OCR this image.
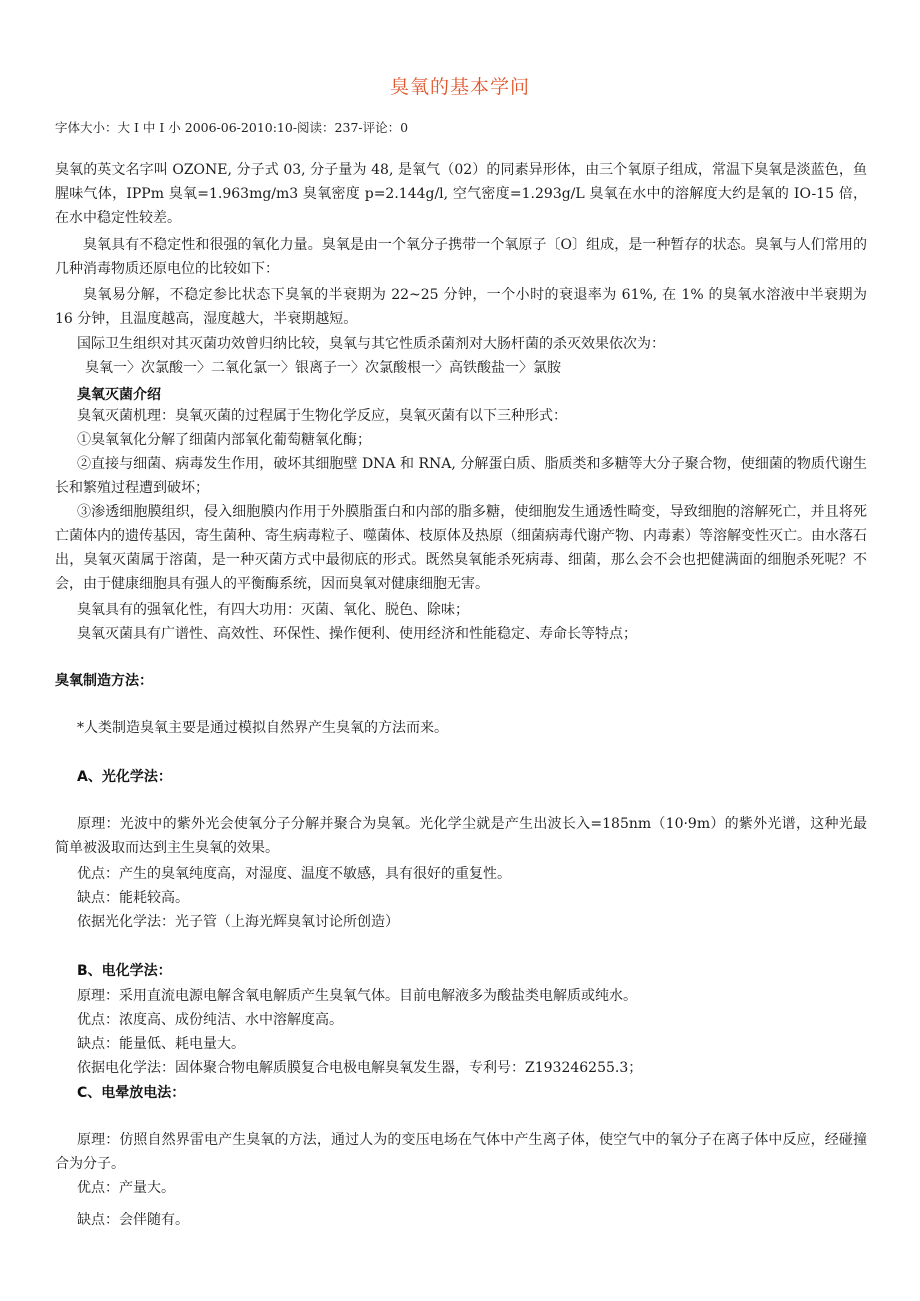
臭氧的基本学问
字体大小：大 I 中 I 小 2006-06-2010:10-阅读：237-评论：0
臭氧的英文名字叫 OZONE, 分子式 03, 分子量为 48, 是氧气（02）的同素异形体，由三个氧原子组成，常温下臭氧是淡蓝色，鱼腥味气体，IPPm 臭氧=1.963mg/m3 臭氧密度 p=2.144g/l, 空气密度=1.293g/L 臭氧在水中的溶解度大约是氧的 IO-15 倍，在水中稳定性较差。
臭氧具有不稳定性和很强的氧化力量。臭氧是由一个氧分子携带一个氧原子〔O〕组成，是一种暂存的状态。臭氧与人们常用的几种消毒物质还原电位的比较如下：
臭氧易分解，不稳定参比状态下臭氧的半衰期为 22~25 分钟，一个小时的衰退率为 61%, 在 1% 的臭氧水溶液中半衰期为 16 分钟，且温度越高，湿度越大，半衰期越短。
国际卫生组织对其灭菌功效曾归纳比较，臭氧与其它性质杀菌剂对大肠杆菌的杀灭效果依次为：
臭氧一〉次氯酸一〉二氧化氯一〉银离子一〉次氯酸根一〉高铁酸盐一〉氯胺
臭氧灭菌介绍
臭氧灭菌机理：臭氧灭菌的过程属于生物化学反应，臭氧灭菌有以下三种形式：
①臭氧氧化分解了细菌内部氧化葡萄糖氧化酶；
②直接与细菌、病毒发生作用，破坏其细胞壁 DNA 和 RNA, 分解蛋白质、脂质类和多糖等大分子聚合物，使细菌的物质代谢生长和繁殖过程遭到破坏；
③渗透细胞膜组织，侵入细胞膜内作用于外膜脂蛋白和内部的脂多糖，使细胞发生通透性畸变，导致细胞的溶解死亡，并且将死亡菌体内的遗传基因，寄生菌种、寄生病毒粒子、噬菌体、枝原体及热原（细菌病毒代谢产物、内毒素）等溶解变性灭亡。由水落石出，臭氧灭菌属于溶菌，是一种灭菌方式中最彻底的形式。既然臭氧能杀死病毒、细菌，那么会不会也把健满面的细胞杀死呢？不会，由于健康细胞具有强人的平衡酶系统，因而臭氧对健康细胞无害。
臭氧具有的强氧化性，有四大功用：灭菌、氧化、脱色、除味；
臭氧灭菌具有广谱性、高效性、环保性、操作便利、使用经济和性能稳定、寿命长等特点；
臭氧制造方法：
*人类制造臭氧主要是通过模拟自然界产生臭氧的方法而来。
A、光化学法：
原理：光波中的紫外光会使氧分子分解并聚合为臭氧。光化学尘就是产生出波长入=185nm（10·9m）的紫外光谱，这种光最简单被汲取而达到主生臭氧的效果。
优点：产生的臭氧纯度高，对湿度、温度不敏感，具有很好的重复性。
缺点：能耗较高。
依据光化学法：光子管（上海光辉臭氧讨论所创造）
B、电化学法：
原理：采用直流电源电解含氧电解质产生臭氧气体。目前电解液多为酸盐类电解质或纯水。
优点：浓度高、成份纯洁、水中溶解度高。
缺点：能量低、耗电量大。
依据电化学法：固体聚合物电解质膜复合电极电解臭氧发生器，专利号：Z193246255.3；
C、电晕放电法：
原理：仿照自然界雷电产生臭氧的方法，通过人为的变压电场在气体中产生离子体，使空气中的氧分子在离子体中反应，经碰撞合为分子。
优点：产量大。
缺点：会伴随有。
